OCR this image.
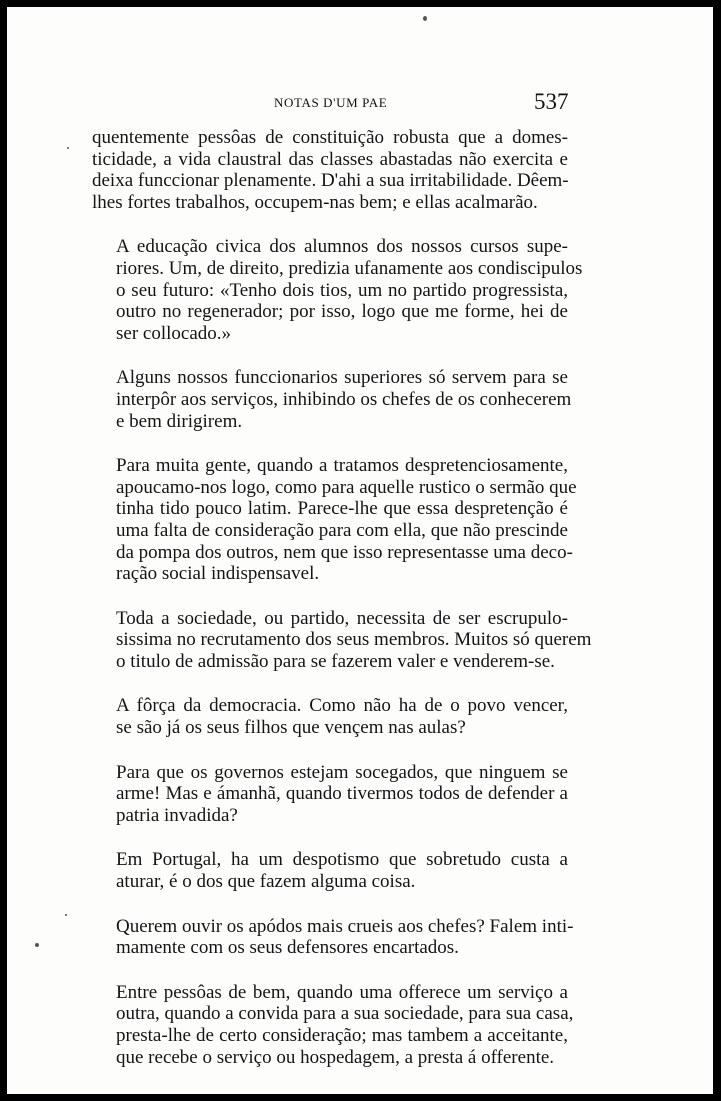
NOTAS D'UM PAE	537

quentemente pessôas de constituição robusta que a domes-
ticidade, a vida claustral das classes abastadas não exercita e
deixa funccionar plenamente. D'ahi a sua irritabilidade. Dêem-
lhes fortes trabalhos, occupem-nas bem; e ellas acalmarão.

A educação civica dos alumnos dos nossos cursos supe-
riores. Um, de direito, predizia ufanamente aos condiscipulos
o seu futuro: «Tenho dois tios, um no partido progressista,
outro no regenerador; por isso, logo que me forme, hei de
ser collocado.»

Alguns nossos funccionarios superiores só servem para se
interpôr aos serviços, inhibindo os chefes de os conhecerem
e bem dirigirem.

Para muita gente, quando a tratamos despretenciosamente,
apoucamo-nos logo, como para aquelle rustico o sermão que
tinha tido pouco latim. Parece-lhe que essa despretenção é
uma falta de consideração para com ella, que não prescinde
da pompa dos outros, nem que isso representasse uma deco-
ração social indispensavel.

Toda a sociedade, ou partido, necessita de ser escrupulo-
sissima no recrutamento dos seus membros. Muitos só querem
o titulo de admissão para se fazerem valer e venderem-se.

A fôrça da democracia. Como não ha de o povo vencer,
se são já os seus filhos que vençem nas aulas?

Para que os governos estejam socegados, que ninguem se
arme! Mas e ámanhã, quando tivermos todos de defender a
patria invadida?

Em Portugal, ha um despotismo que sobretudo custa a
aturar, é o dos que fazem alguma coisa.

Querem ouvir os apódos mais crueis aos chefes? Falem inti-
mamente com os seus defensores encartados.

Entre pessôas de bem, quando uma offerece um serviço a
outra, quando a convida para a sua sociedade, para sua casa,
presta-lhe de certo consideração; mas tambem a acceitante,
que recebe o serviço ou hospedagem, a presta á offerente.
